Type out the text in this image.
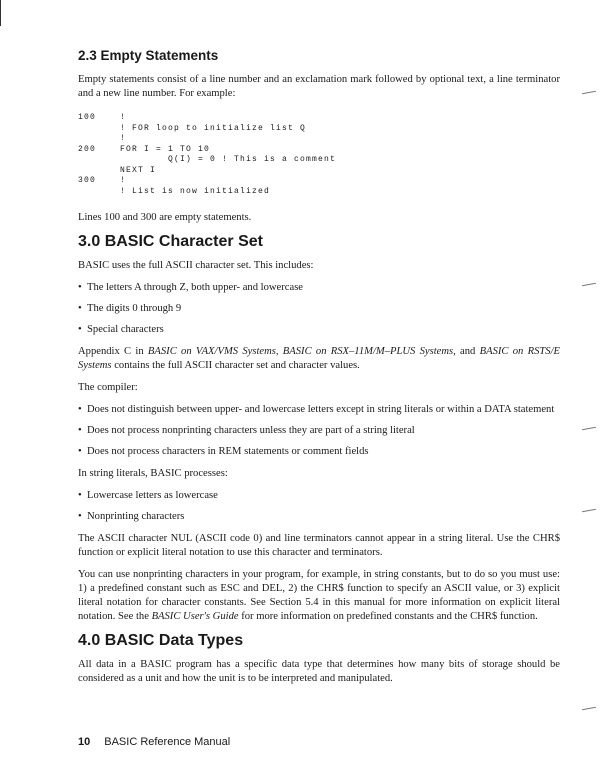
2.3 Empty Statements

Empty statements consist of a line number and an exclamation mark followed by optional text, a line terminator and a new line number. For example:

100	!
! FOR loop to initialize list Q
!
200	FOR I = 1 TO 10
Q(I) = 0 ! This is a comment
NEXT I
300	!
! List is now initialized

Lines 100 and 300 are empty statements.

3.0 BASIC Character Set

BASIC uses the full ASCII character set. This includes:

• The letters A through Z, both upper- and lowercase
• The digits 0 through 9
• Special characters

Appendix C in BASIC on VAX/VMS Systems, BASIC on RSX–11M/M–PLUS Systems, and BASIC on RSTS/E Systems contains the full ASCII character set and character values.

The compiler:

• Does not distinguish between upper- and lowercase letters except in string literals or within a DATA statement
• Does not process nonprinting characters unless they are part of a string literal
• Does not process characters in REM statements or comment fields

In string literals, BASIC processes:

• Lowercase letters as lowercase
• Nonprinting characters

The ASCII character NUL (ASCII code 0) and line terminators cannot appear in a string literal. Use the CHR$ function or explicit literal notation to use this character and terminators.

You can use nonprinting characters in your program, for example, in string constants, but to do so you must use: 1) a predefined constant such as ESC and DEL, 2) the CHR$ function to specify an ASCII value, or 3) explicit literal notation for character constants. See Section 5.4 in this manual for more information on explicit literal notation. See the BASIC User's Guide for more information on predefined constants and the CHR$ function.

4.0 BASIC Data Types

All data in a BASIC program has a specific data type that determines how many bits of storage should be considered as a unit and how the unit is to be interpreted and manipulated.

10 BASIC Reference Manual
